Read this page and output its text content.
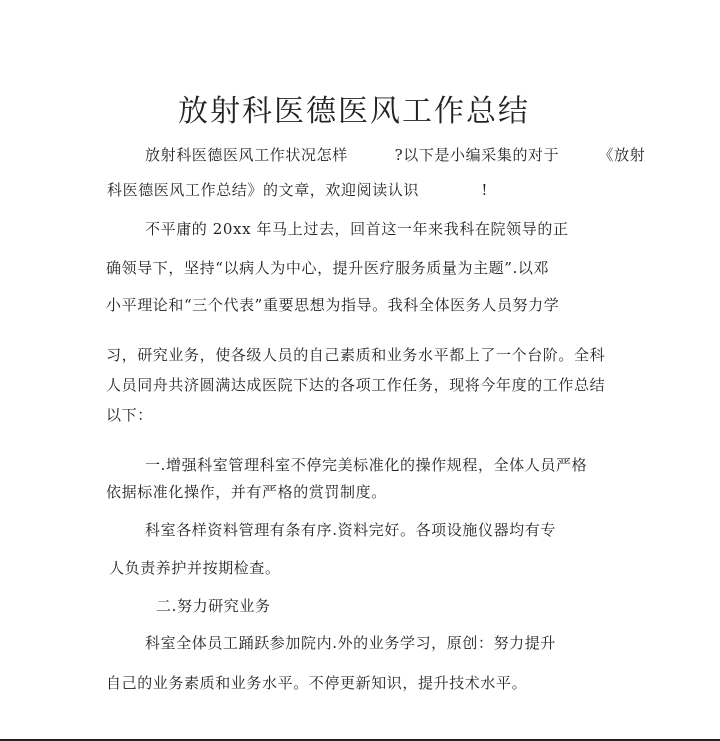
放射科医德医风工作总结
放射科医德医风工作状况怎样　　　?以下是小编采集的对于　　　《放射
科医德医风工作总结》的文章，欢迎阅读认识　　　　!
不平庸的 20xx 年马上过去，回首这一年来我科在院领导的正
确领导下，坚持“以病人为中心，提升医疗服务质量为主题”.以邓
小平理论和“三个代表”重要思想为指导。我科全体医务人员努力学
习，研究业务，使各级人员的自己素质和业务水平都上了一个台阶。全科
人员同舟共济圆满达成医院下达的各项工作任务，现将今年度的工作总结
以下：
一.增强科室管理科室不停完美标准化的操作规程，全体人员严格
依据标准化操作，并有严格的赏罚制度。
科室各样资料管理有条有序.资料完好。各项设施仪器均有专
人负责养护并按期检查。
二.努力研究业务
科室全体员工踊跃参加院内.外的业务学习，原创：努力提升
自己的业务素质和业务水平。不停更新知识，提升技术水平。
